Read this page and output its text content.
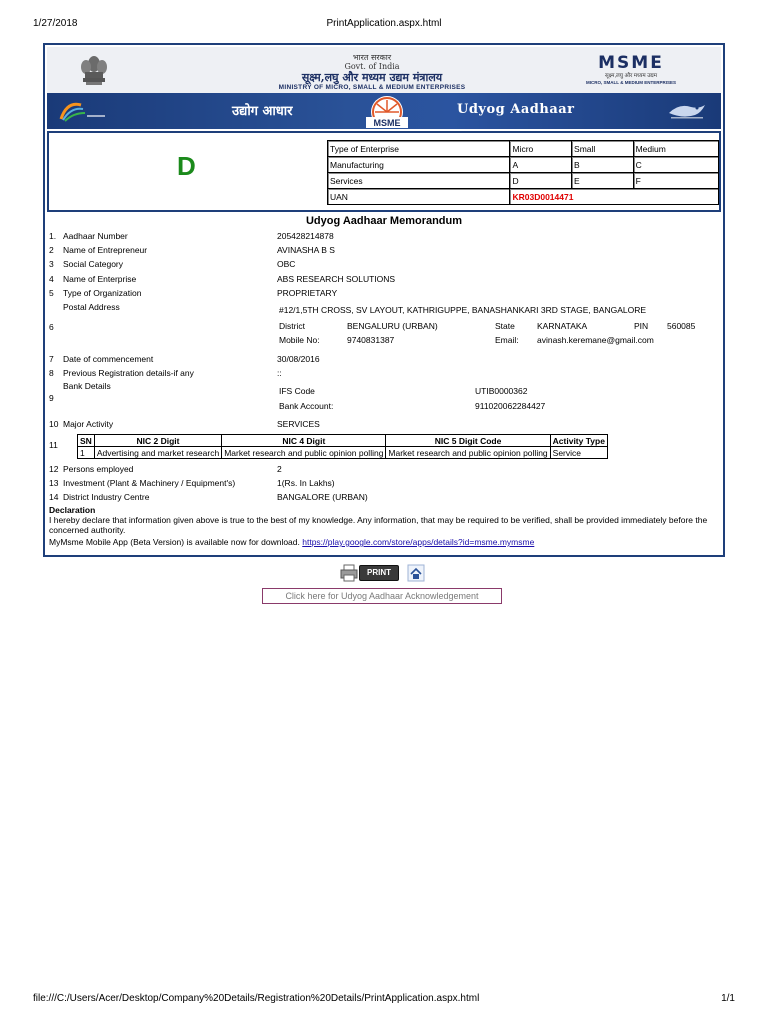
1/27/2018	PrintApplication.aspx.html
भारत सरकार
Govt. of India
सूक्ष्म,लघु और मध्यम उद्यम मंत्रालय
MINISTRY OF MICRO, SMALL & MEDIUM ENTERPRISES
MSME
सूक्ष्म,लघु और मध्यम उद्यम
MICRO, SMALL & MEDIUM ENTERPRISES
उद्योग आधार
MSME
Udyog Aadhaar
D
Type of Enterprise	Micro	Small	Medium
Manufacturing	A	B	C
Services	D	E	F
UAN	KR03D0014471		
Udyog Aadhaar Memorandum
1. Aadhaar Number	205428214878
2 Name of Entrepreneur	AVINASHA B S
3 Social Category	OBC
4 Name of Enterprise	ABS RESEARCH SOLUTIONS
5 Type of Organization	PROPRIETARY
Postal Address
6
#12/1,5TH CROSS, SV LAYOUT, KATHRIGUPPE, BANASHANKARI 3RD STAGE, BANGALORE
District	BENGALURU (URBAN)	State	KARNATAKA	PIN 560085
Mobile No:	9740831387	Email: avinash.keremane@gmail.com
7 Date of commencement	30/08/2016
8 Previous Registration details-if any	::
Bank Details
9
IFS Code	UTIB0000362
Bank Account:	911020062284427
10 Major Activity	SERVICES
11	SN	NIC 2 Digit	NIC 4 Digit	NIC 5 Digit Code	Activity Type
1	Advertising and market research	Market research and public opinion polling	Market research and public opinion polling	Service
12 Persons employed	2
13 Investment (Plant & Machinery / Equipment's)	1(Rs. In Lakhs)
14 District Industry Centre	BANGALORE (URBAN)
Declaration
I hereby declare that information given above is true to the best of my knowledge. Any information, that may be required to be verified, shall be provided immediately before the concerned authority.
MyMsme Mobile App (Beta Version) is available now for download. https://play.google.com/store/apps/details?id=msme.mymsme
PRINT
Click here for Udyog Aadhaar Acknowledgement
file:///C:/Users/Acer/Desktop/Company%20Details/Registration%20Details/PrintApplication.aspx.html	1/1
